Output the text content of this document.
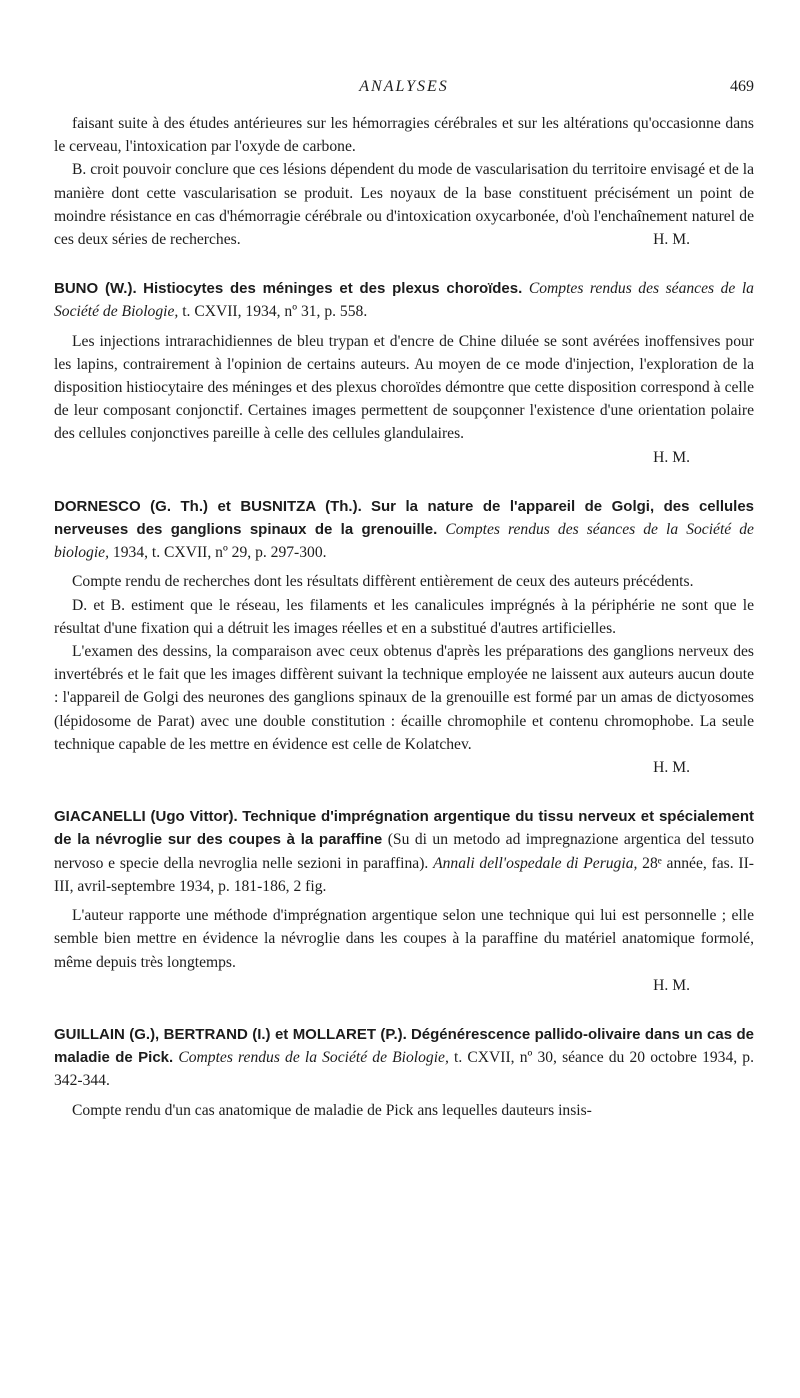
ANALYSES	469

faisant suite à des études antérieures sur les hémorragies cérébrales et sur les altérations qu'occasionne dans le cerveau, l'intoxication par l'oxyde de carbone.

B. croit pouvoir conclure que ces lésions dépendent du mode de vascularisation du territoire envisagé et de la manière dont cette vascularisation se produit. Les noyaux de la base constituent précisément un point de moindre résistance en cas d'hémorragie cérébrale ou d'intoxication oxycarbonée, d'où l'enchaînement naturel de ces deux séries de recherches.	H. M.

BUNO (W.). Histiocytes des méninges et des plexus choroïdes. Comptes rendus des séances de la Société de Biologie, t. CXVII, 1934, nº 31, p. 558.

Les injections intrarachidiennes de bleu trypan et d'encre de Chine diluée se sont avérées inoffensives pour les lapins, contrairement à l'opinion de certains auteurs. Au moyen de ce mode d'injection, l'exploration de la disposition histiocytaire des méninges et des plexus choroïdes démontre que cette disposition correspond à celle de leur composant conjonctif. Certaines images permettent de soupçonner l'existence d'une orientation polaire des cellules conjonctives pareille à celle des cellules glandulaires.

H. M.

DORNESCO (G. Th.) et BUSNITZA (Th.). Sur la nature de l'appareil de Golgi, des cellules nerveuses des ganglions spinaux de la grenouille. Comptes rendus des séances de la Société de biologie, 1934, t. CXVII, nº 29, p. 297-300.

Compte rendu de recherches dont les résultats diffèrent entièrement de ceux des auteurs précédents.

D. et B. estiment que le réseau, les filaments et les canalicules imprégnés à la périphérie ne sont que le résultat d'une fixation qui a détruit les images réelles et en a substitué d'autres artificielles.

L'examen des dessins, la comparaison avec ceux obtenus d'après les préparations des ganglions nerveux des invertébrés et le fait que les images diffèrent suivant la technique employée ne laissent aux auteurs aucun doute : l'appareil de Golgi des neurones des ganglions spinaux de la grenouille est formé par un amas de dictyosomes (lépidosome de Parat) avec une double constitution : écaille chromophile et contenu chromophobe. La seule technique capable de les mettre en évidence est celle de Kolatchev.

H. M.

GIACANELLI (Ugo Vittor). Technique d'imprégnation argentique du tissu nerveux et spécialement de la névroglie sur des coupes à la paraffine (Su di un metodo ad impregnazione argentica del tessuto nervoso e specie della nevroglia nelle sezioni in paraffina). Annali dell'ospedale di Perugia, 28ᵉ année, fas. II-III, avril-septembre 1934, p. 181-186, 2 fig.

L'auteur rapporte une méthode d'imprégnation argentique selon une technique qui lui est personnelle ; elle semble bien mettre en évidence la névroglie dans les coupes à la paraffine du matériel anatomique formolé, même depuis très longtemps.

H. M.

GUILLAIN (G.), BERTRAND (I.) et MOLLARET (P.). Dégénérescence pallido-olivaire dans un cas de maladie de Pick. Comptes rendus de la Société de Biologie, t. CXVII, nº 30, séance du 20 octobre 1934, p. 342-344.

Compte rendu d'un cas anatomique de maladie de Pick ans lequelles dauteurs insis-
